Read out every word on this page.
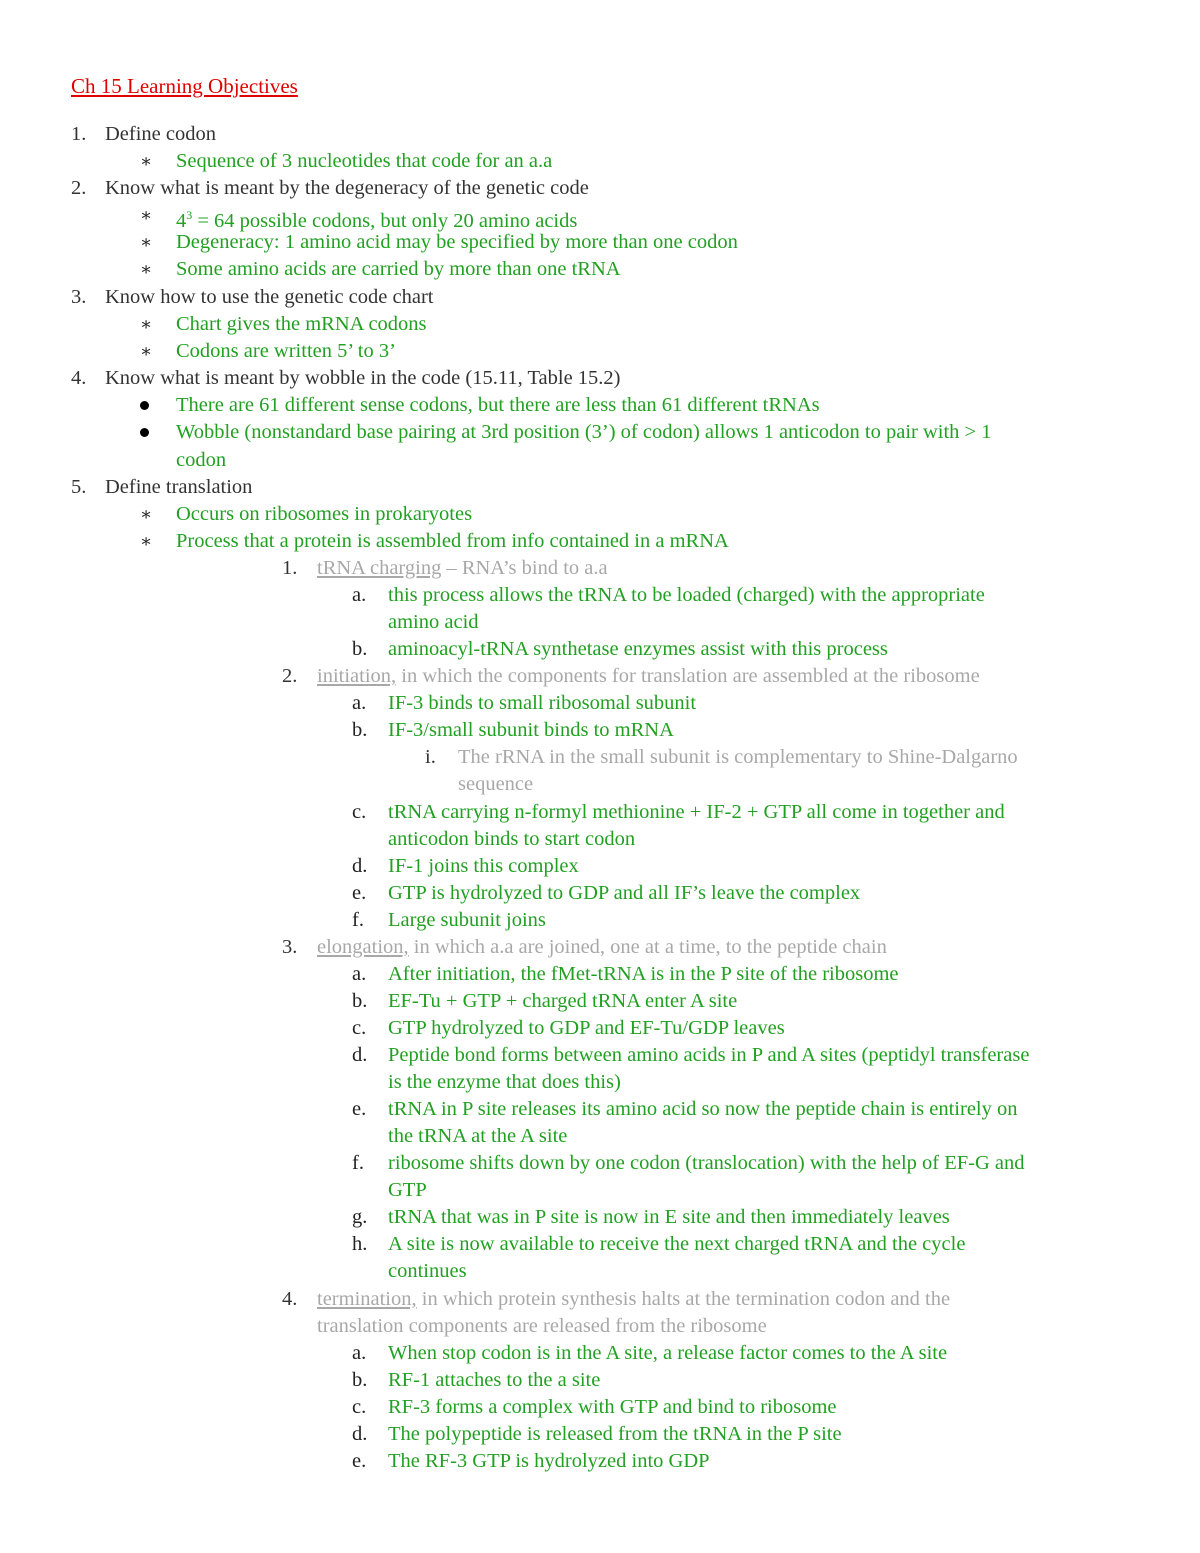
Ch 15 Learning Objectives
1. Define codon
∗ Sequence of 3 nucleotides that code for an a.a
2. Know what is meant by the degeneracy of the genetic code
∗ $4^3 = 64$ possible codons, but only 20 amino acids
∗ Degeneracy: 1 amino acid may be specified by more than one codon
∗ Some amino acids are carried by more than one tRNA
3. Know how to use the genetic code chart
∗ Chart gives the mRNA codons
∗ Codons are written 5’ to 3’
4. Know what is meant by wobble in the code (15.11, Table 15.2)
There are 61 different sense codons, but there are less than 61 different tRNAs
Wobble (nonstandard base pairing at 3rd position (3’) of codon) allows 1 anticodon to pair with > 1
codon
5. Define translation
∗ Occurs on ribosomes in prokaryotes
∗ Process that a protein is assembled from info contained in a mRNA
1. tRNA charging – RNA’s bind to a.a
a. this process allows the tRNA to be loaded (charged) with the appropriate
amino acid
b. aminoacyl-tRNA synthetase enzymes assist with this process
2. initiation, in which the components for translation are assembled at the ribosome
a. IF-3 binds to small ribosomal subunit
b. IF-3/small subunit binds to mRNA
i. The rRNA in the small subunit is complementary to Shine-Dalgarno
sequence
c. tRNA carrying n-formyl methionine + IF-2 + GTP all come in together and
anticodon binds to start codon
d. IF-1 joins this complex
e. GTP is hydrolyzed to GDP and all IF’s leave the complex
f. Large subunit joins
3. elongation, in which a.a are joined, one at a time, to the peptide chain
a. After initiation, the fMet-tRNA is in the P site of the ribosome
b. EF-Tu + GTP + charged tRNA enter A site
c. GTP hydrolyzed to GDP and EF-Tu/GDP leaves
d. Peptide bond forms between amino acids in P and A sites (peptidyl transferase
is the enzyme that does this)
e. tRNA in P site releases its amino acid so now the peptide chain is entirely on
the tRNA at the A site
f. ribosome shifts down by one codon (translocation) with the help of EF-G and
GTP
g. tRNA that was in P site is now in E site and then immediately leaves
h. A site is now available to receive the next charged tRNA and the cycle
continues
4. termination, in which protein synthesis halts at the termination codon and the
translation components are released from the ribosome
a. When stop codon is in the A site, a release factor comes to the A site
b. RF-1 attaches to the a site
c. RF-3 forms a complex with GTP and bind to ribosome
d. The polypeptide is released from the tRNA in the P site
e. The RF-3 GTP is hydrolyzed into GDP
